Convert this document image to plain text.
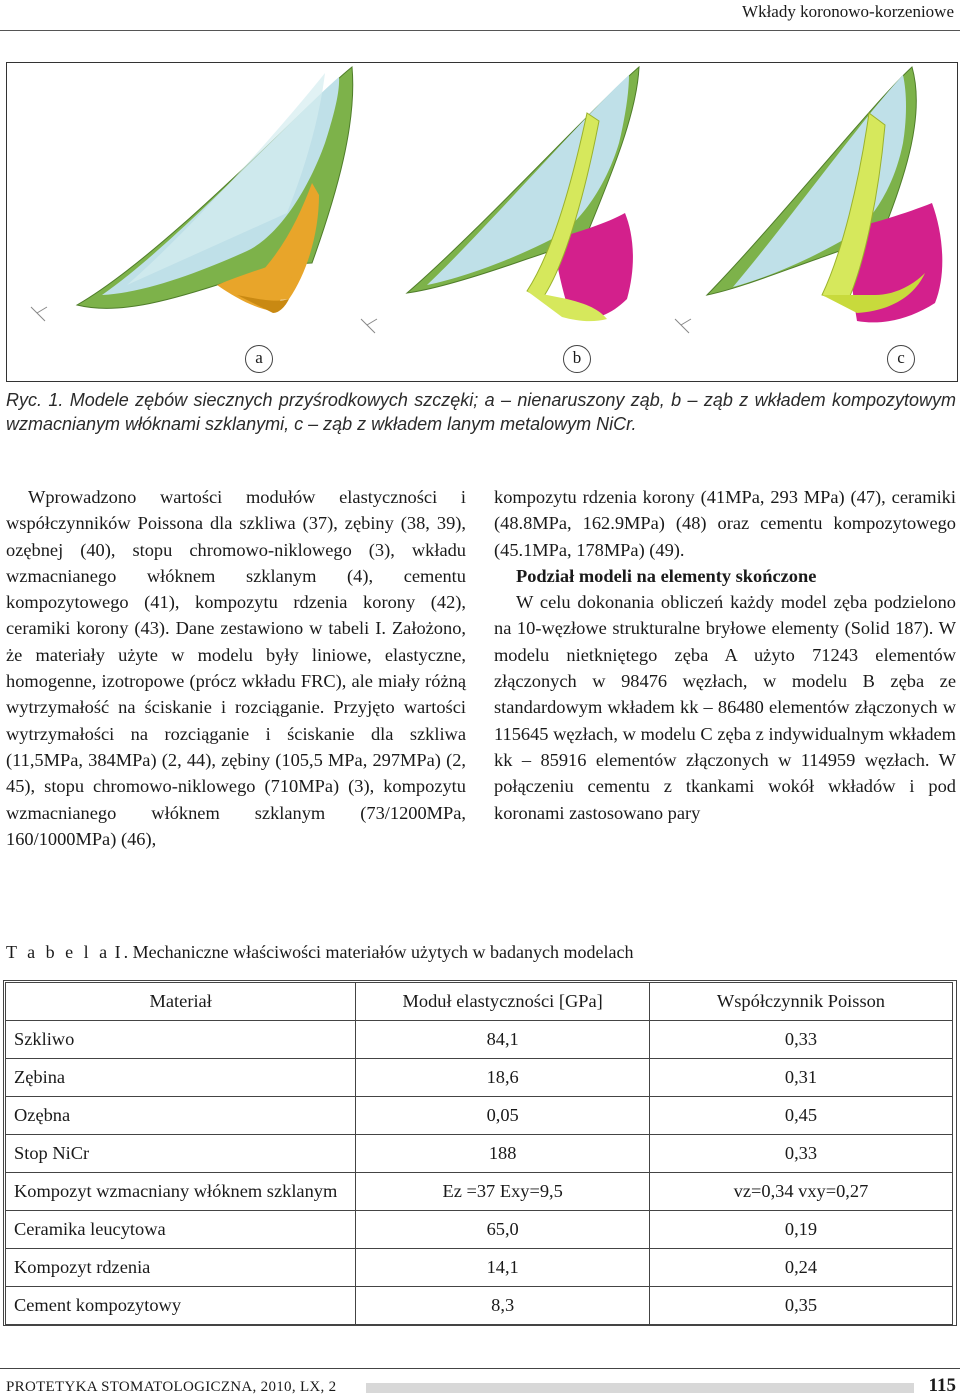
Wkłady koronowo-korzeniowe
a	b	c
Ryc. 1. Modele zębów siecznych przyśrodkowych szczęki; a – nienaruszony ząb, b – ząb z wkładem kompozytowym wzmacnianym włóknami szklanymi, c – ząb z wkładem lanym metalowym NiCr.

Wprowadzono wartości modułów elastyczności i współczynników Poissona dla szkliwa (37), zębiny (38, 39), ozębnej (40), stopu chromowo-niklowego (3), wkładu wzmacnianego włóknem szklanym (4), cementu kompozytowego (41), kompozytu rdzenia korony (42), ceramiki korony (43). Dane zestawiono w tabeli I. Założono, że materiały użyte w modelu były liniowe, elastyczne, homogenne, izotropowe (prócz wkładu FRC), ale miały różną wytrzymałość na ściskanie i rozciąganie. Przyjęto wartości wytrzymałości na rozciąganie i ściskanie dla szkliwa (11,5MPa, 384MPa) (2, 44), zębiny (105,5 MPa, 297MPa) (2, 45), stopu chromowo-niklowego (710MPa) (3), kompozytu wzmacnianego włóknem szklanym (73/1200MPa, 160/1000MPa) (46),

kompozytu rdzenia korony (41MPa, 293 MPa) (47), ceramiki (48.8MPa, 162.9MPa) (48) oraz cementu kompozytowego (45.1MPa, 178MPa) (49).

Podział modeli na elementy skończone

W celu dokonania obliczeń każdy model zęba podzielono na 10-węzłowe strukturalne bryłowe elementy (Solid 187). W modelu nietkniętego zęba A użyto 71243 elementów złączonych w 98476 węzłach, w modelu B zęba ze standardowym wkładem kk – 86480 elementów złączonych w 115645 węzłach, w modelu C zęba z indywidualnym wkładem kk – 85916 elementów złączonych w 114959 węzłach. W połączeniu cementu z tkankami wokół wkładów i pod koronami zastosowano pary

T a b e l a I. Mechaniczne właściwości materiałów użytych w badanych modelach
Materiał	Moduł elastyczności [GPa]	Współczynnik Poisson
Szkliwo	84,1	0,33
Zębina	18,6	0,31
Ozębna	0,05	0,45
Stop NiCr	188	0,33
Kompozyt wzmacniany włóknem szklanym	Ez =37 Exy=9,5	vz=0,34 vxy=0,27
Ceramika leucytowa	65,0	0,19
Kompozyt rdzenia	14,1	0,24
Cement kompozytowy	8,3	0,35
PROTETYKA STOMATOLOGICZNA, 2010, LX, 2	115
